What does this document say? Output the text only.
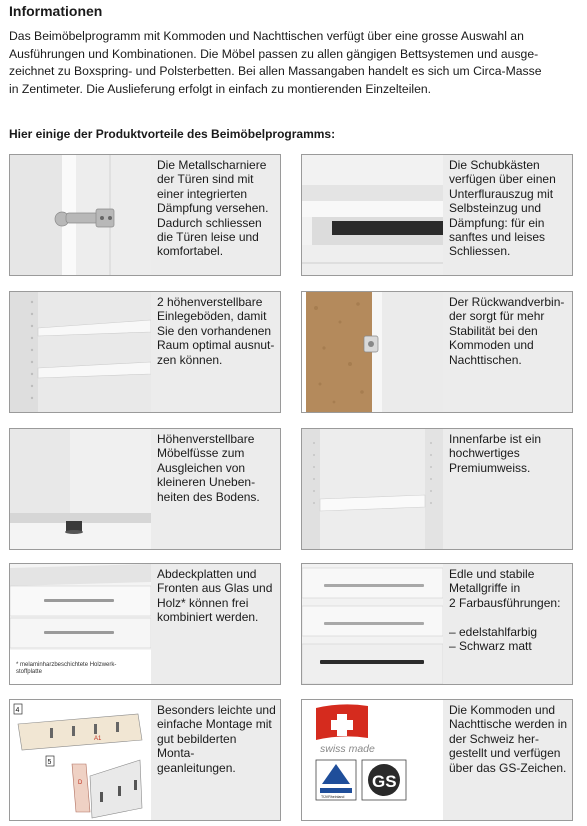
Informationen
Das Beimöbelprogramm mit Kommoden und Nachttischen verfügt über eine grosse Auswahl an
Ausführungen und Kombinationen. Die Möbel passen zu allen gängigen Bettsystemen und ausge-
zeichnet zu Boxspring- und Polsterbetten. Bei allen Massangaben handelt es sich um Circa-Masse
in Zentimeter. Die Auslieferung erfolgt in einfach zu montierenden Einzelteilen.
Hier einige der Produktvorteile des Beimöbelprogramms:
Die Metallscharniere
der Türen sind mit
einer integrierten
Dämpfung versehen.
Dadurch schliessen
die Türen leise und
komfortabel.
Die Schubkästen
verfügen über einen
Unterflurauszug mit
Selbsteinzug und
Dämpfung: für ein
sanftes und leises
Schliessen.
2 höhenverstellbare
Einlegeböden, damit
Sie den vorhandenen
Raum optimal ausnut-
zen können.
Der Rückwandverbin-
der sorgt für mehr
Stabilität bei den
Kommoden und
Nachttischen.
Höhenverstellbare
Möbelfüsse zum
Ausgleichen von
kleineren Uneben-
heiten des Bodens.
Innenfarbe ist ein
hochwertiges
Premiumweiss.
* melaminharzbeschichtete Holzwerk-
stoffplatte
Abdeckplatten und
Fronten aus Glas und
Holz* können frei
kombiniert werden.
Edle und stabile
Metallgriffe in
2 Farbausführungen:

– edelstahlfarbig
– Schwarz matt
4
5
A1
D
Besonders leichte und
einfache Montage mit
gut bebilderten Monta-
geanleitungen.
swiss made
TÜVRheinland
GS
Die Kommoden und
Nachttische werden in
der Schweiz her-
gestellt und verfügen
über das GS-Zeichen.
